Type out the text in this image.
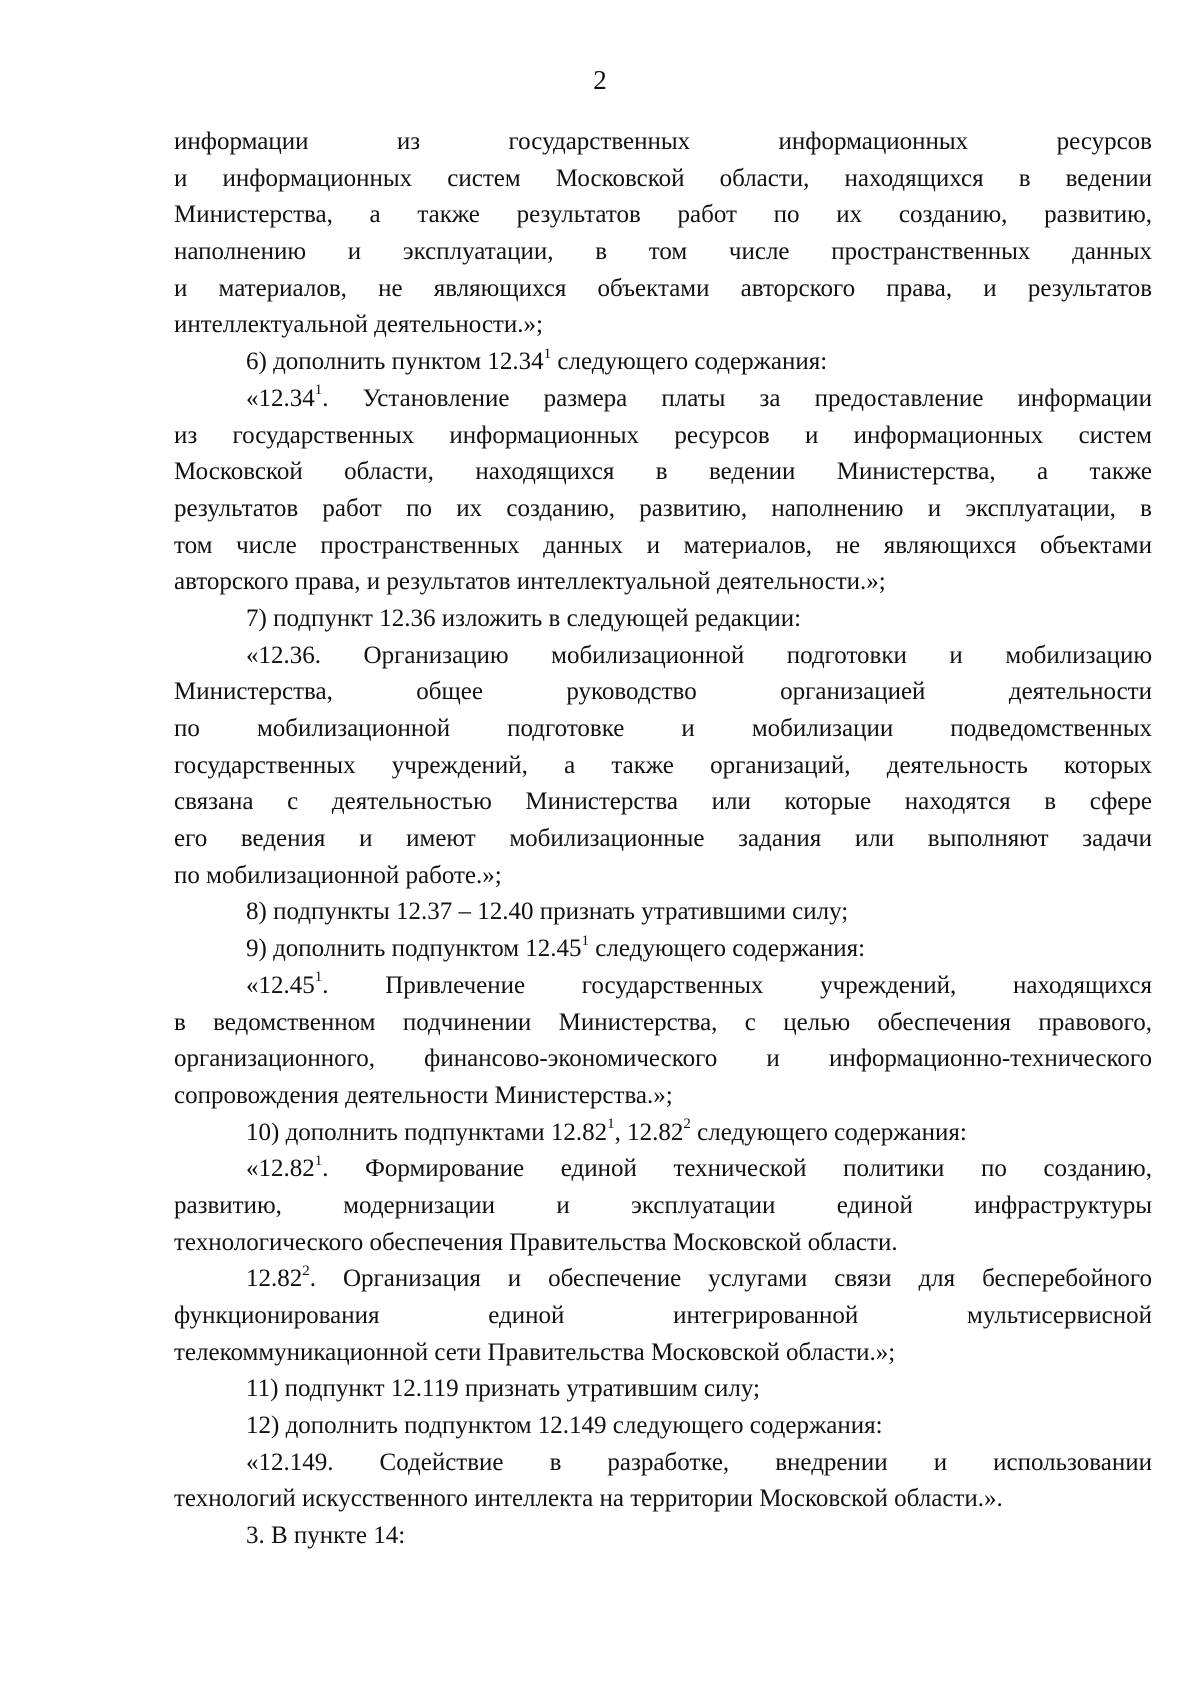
2
информации из государственных информационных ресурсов
и информационных систем Московской области, находящихся в ведении
Министерства, а также результатов работ по их созданию, развитию,
наполнению и эксплуатации, в том числе пространственных данных
и материалов, не являющихся объектами авторского права, и результатов
интеллектуальной деятельности.»;
6) дополнить пунктом 12.34$^1$ следующего содержания:
«12.34$^1$. Установление размера платы за предоставление информации
из государственных информационных ресурсов и информационных систем
Московской области, находящихся в ведении Министерства, а также
результатов работ по их созданию, развитию, наполнению и эксплуатации, в
том числе пространственных данных и материалов, не являющихся объектами
авторского права, и результатов интеллектуальной деятельности.»;
7) подпункт 12.36 изложить в следующей редакции:
«12.36. Организацию мобилизационной подготовки и мобилизацию
Министерства, общее руководство организацией деятельности
по мобилизационной подготовке и мобилизации подведомственных
государственных учреждений, а также организаций, деятельность которых
связана с деятельностью Министерства или которые находятся в сфере
его ведения и имеют мобилизационные задания или выполняют задачи
по мобилизационной работе.»;
8) подпункты 12.37 – 12.40 признать утратившими силу;
9) дополнить подпунктом 12.45$^1$ следующего содержания:
«12.45$^1$. Привлечение государственных учреждений, находящихся
в ведомственном подчинении Министерства, с целью обеспечения правового,
организационного, финансово-экономического и информационно-технического
сопровождения деятельности Министерства.»;
10) дополнить подпунктами 12.82$^1$, 12.82$^2$ следующего содержания:
«12.82$^1$. Формирование единой технической политики по созданию,
развитию, модернизации и эксплуатации единой инфраструктуры
технологического обеспечения Правительства Московской области.
12.82$^2$. Организация и обеспечение услугами связи для бесперебойного
функционирования единой интегрированной мультисервисной
телекоммуникационной сети Правительства Московской области.»;
11) подпункт 12.119 признать утратившим силу;
12) дополнить подпунктом 12.149 следующего содержания:
«12.149. Содействие в разработке, внедрении и использовании
технологий искусственного интеллекта на территории Московской области.».
3. В пункте 14:
